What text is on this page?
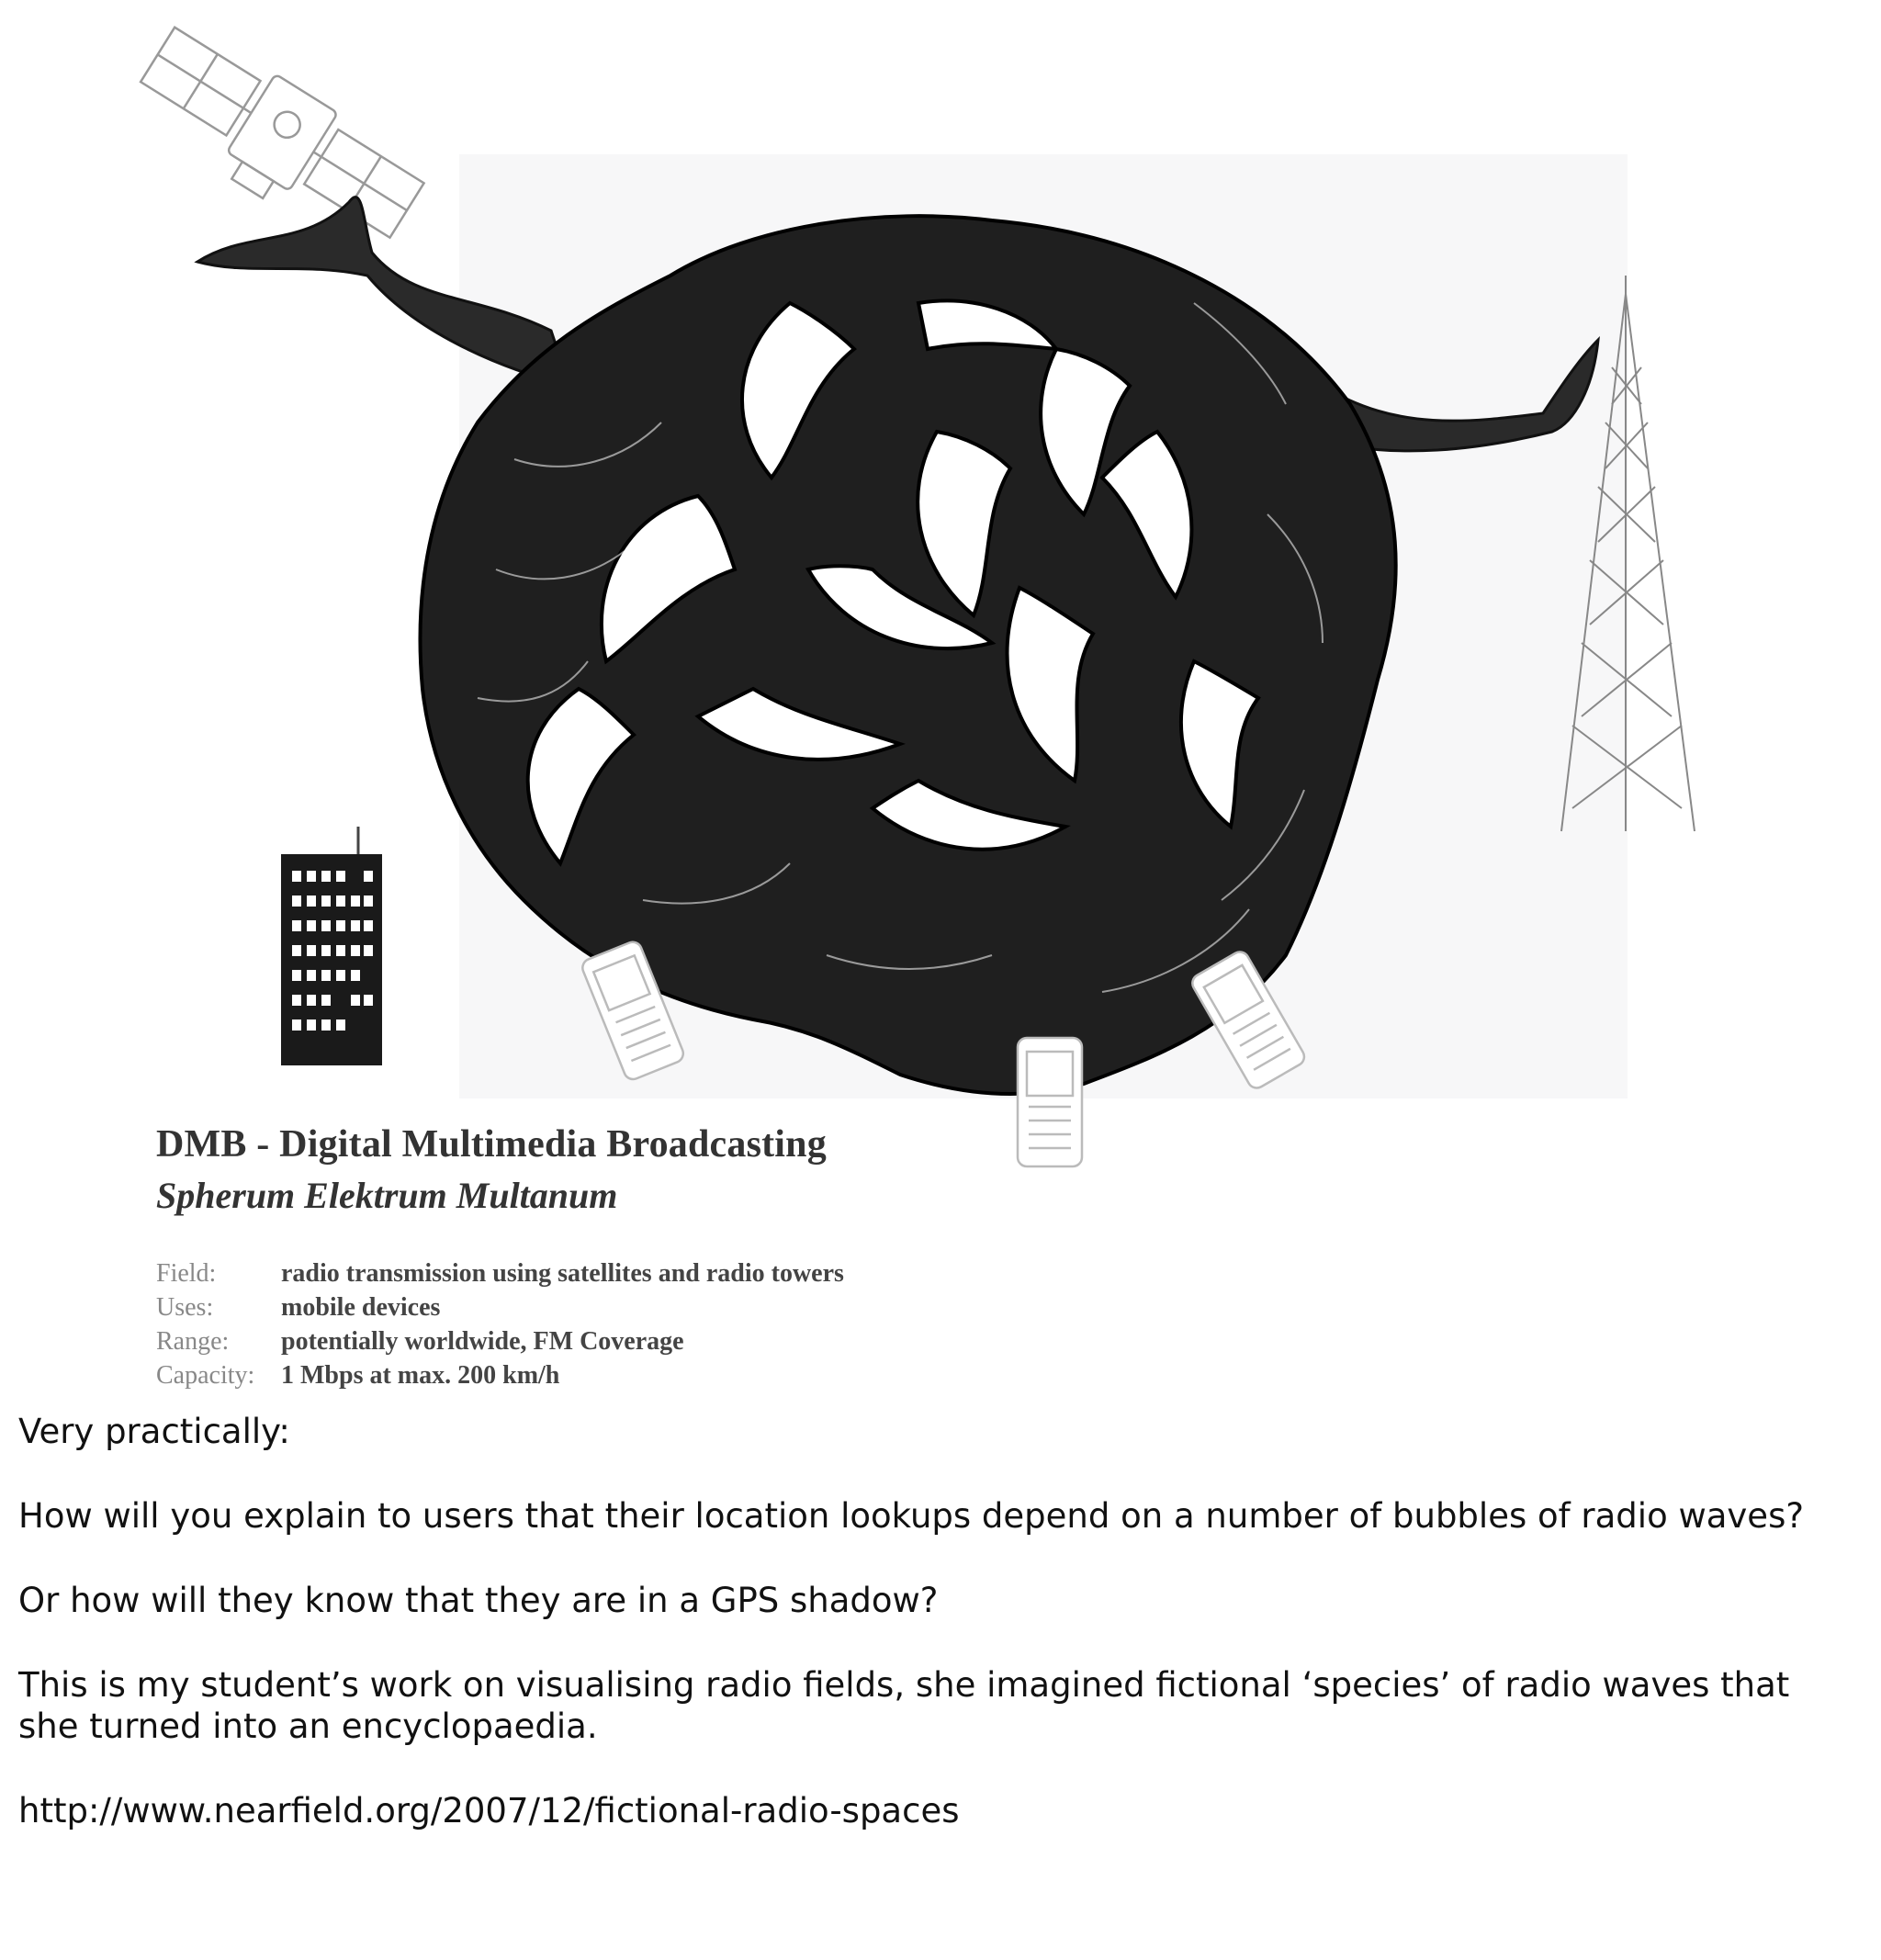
DMB - Digital Multimedia Broadcasting

Spherum Elektrum Multanum

Field:	radio transmission using satellites and radio towers
Uses:	mobile devices
Range:	potentially worldwide, FM Coverage
Capacity:	1 Mbps at max. 200 km/h

Very practically:

How will you explain to users that their location lookups depend on a number of bubbles of radio waves?

Or how will they know that they are in a GPS shadow?

This is my student’s work on visualising radio fields, she imagined fictional ‘species’ of radio waves that she turned into an encyclopaedia.

http://www.nearfield.org/2007/12/fictional-radio-spaces
